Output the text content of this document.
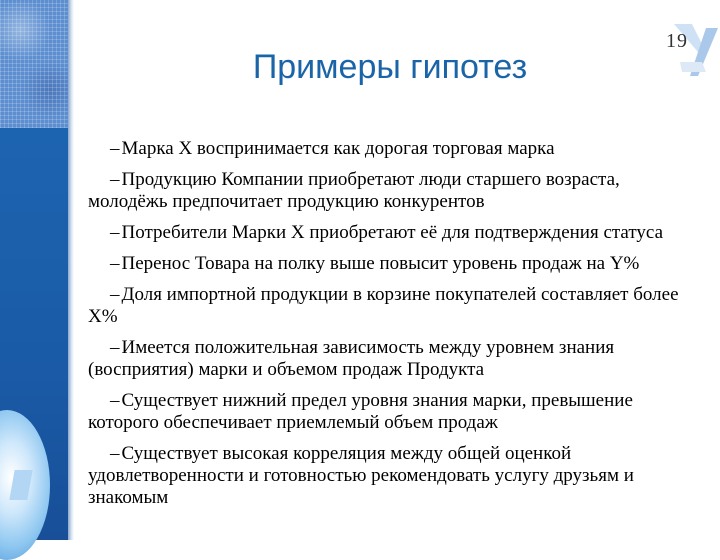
19
Примеры гипотез
– Марка X воспринимается как дорогая торговая марка
– Продукцию Компании приобретают люди старшего возраста, молодёжь предпочитает продукцию конкурентов
– Потребители Марки X приобретают её для подтверждения статуса
– Перенос Товара на полку выше повысит уровень продаж на Y%
– Доля импортной продукции в корзине покупателей составляет более X%
– Имеется положительная зависимость между уровнем знания (восприятия) марки и объемом продаж Продукта
– Существует нижний предел уровня знания марки, превышение которого обеспечивает приемлемый объем продаж
– Существует высокая корреляция между общей оценкой удовлетворенности и готовностью рекомендовать услугу друзьям и знакомым
